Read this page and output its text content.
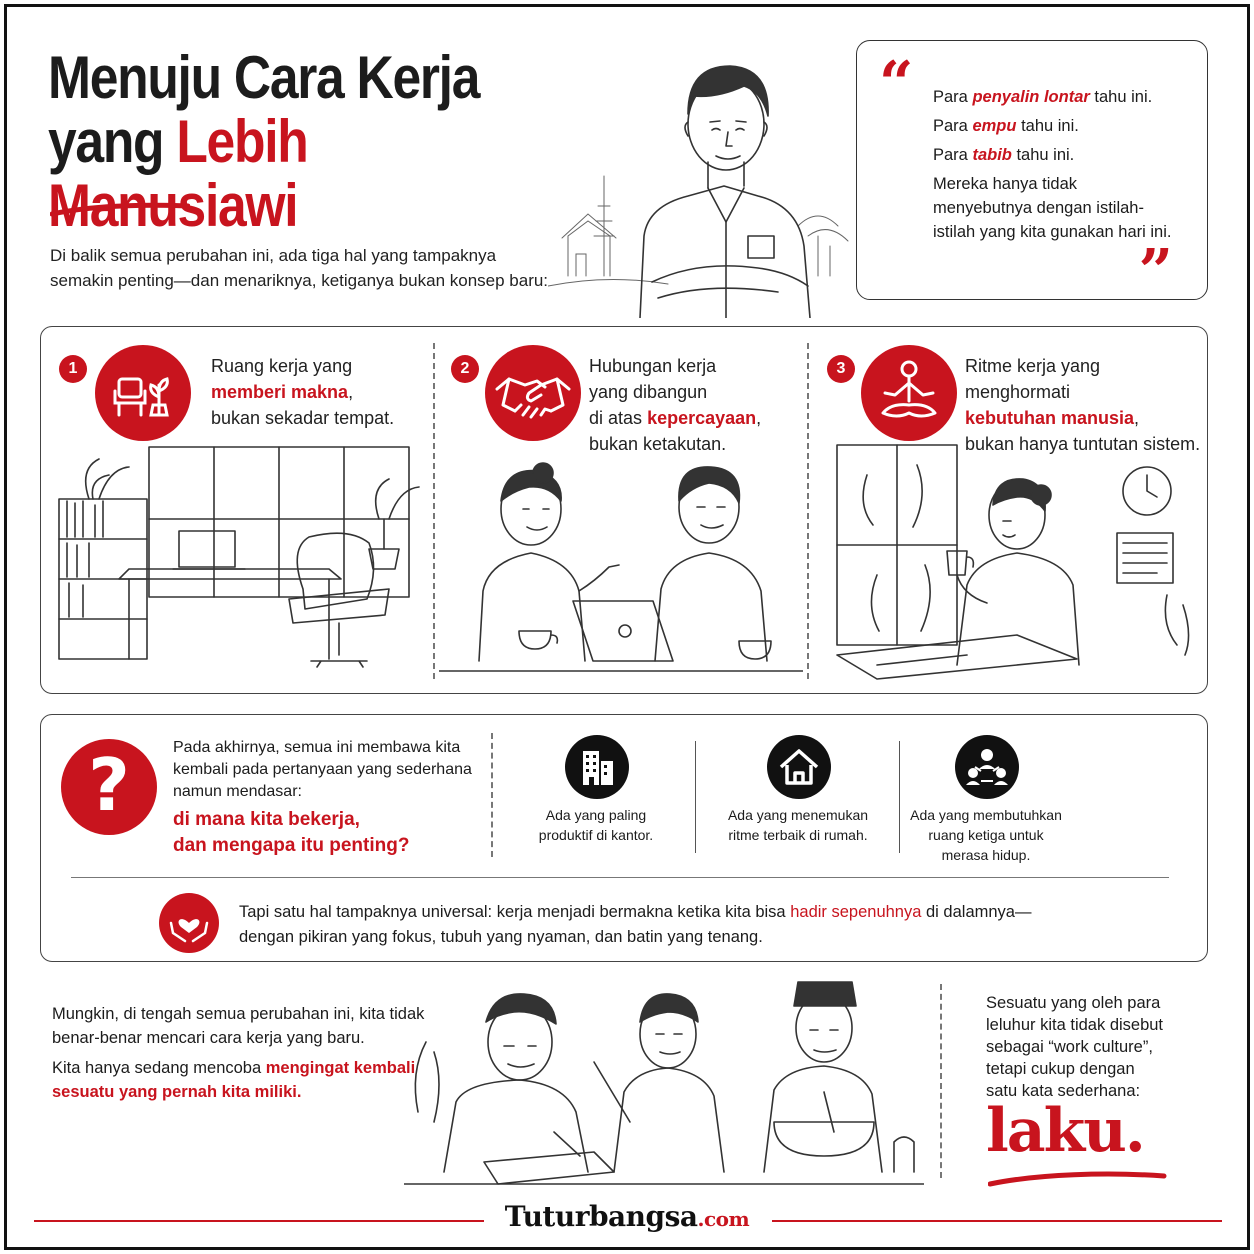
Menuju Cara Kerja
yang Lebih Manusiawi
Di balik semua perubahan ini, ada tiga hal yang tampaknya semakin penting—dan menariknya, ketiganya bukan konsep baru:
“ Para penyalin lontar tahu ini.

Para empu tahu ini.

Para tabib tahu ini.

Mereka hanya tidak menyebutnya dengan istilah-istilah yang kita gunakan hari ini.

”
1	Ruang kerja yang
memberi makna,
bukan sekadar tempat.
2	Hubungan kerja
yang dibangun
di atas kepercayaan,
bukan ketakutan.
3	Ritme kerja yang
menghormati
kebutuhan manusia,
bukan hanya tuntutan sistem.
?	Pada akhirnya, semua ini membawa kita kembali pada pertanyaan yang sederhana namun mendasar:
di mana kita bekerja,
dan mengapa itu penting?
Ada yang paling
produktif di kantor.
Ada yang menemukan
ritme terbaik di rumah.
Ada yang membutuhkan
ruang ketiga untuk
merasa hidup.
Tapi satu hal tampaknya universal: kerja menjadi bermakna ketika kita bisa hadir sepenuhnya di dalamnya—
dengan pikiran yang fokus, tubuh yang nyaman, dan batin yang tenang.

Mungkin, di tengah semua perubahan ini, kita tidak benar-benar mencari cara kerja yang baru.

Kita hanya sedang mencoba mengingat kembali sesuatu yang pernah kita miliki.

Sesuatu yang oleh para leluhur kita tidak disebut sebagai “work culture”, tetapi cukup dengan satu kata sederhana:
laku.
Tuturbangsa.com
